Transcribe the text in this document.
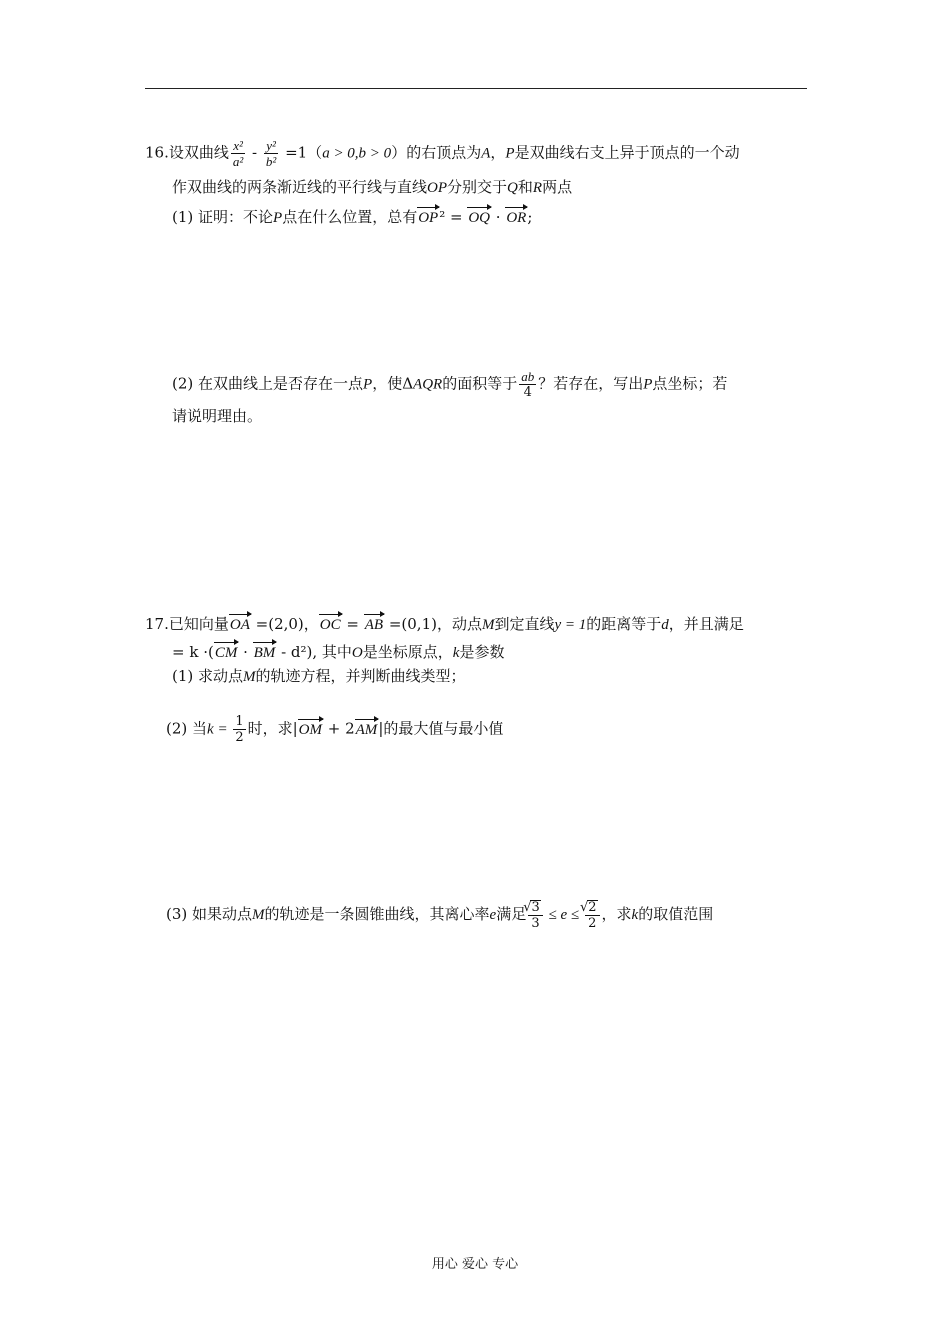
16.设双曲线 $\frac{\text{x²}}{\text{a²}} - \frac{\text{y²}}{\text{b²}} =1(a > 0,b > 0)$的右顶点为A，P是双曲线右支上异于顶点的一个动
作双曲线的两条渐近线的平行线与直线OP分别交于Q和R两点
(1) 证明：不论P点在什么位置，总有OP² = OQ · OR;
(2) 在双曲线上是否存在一点P，使ΔAQR的面积等于 $\frac{ab}{4}$ ？若存在，写出P点坐标；若
请说明理由。
17.已知向量OA =(2,0)，OC = AB =(0,1)，动点M到定直线y = 1的距离等于d，并且满足
= k ·(CM · BM - d²), 其中O是坐标原点，k是参数
(1) 求动点M的轨迹方程，并判断曲线类型；
(2) 当$k = \frac{1}{2}$ 时，求|OM + 2AM|的最大值与最小值
(3) 如果动点M的轨迹是一条圆锥曲线，其离心率e满足 √ $\frac{3}{3} \le e$ ≤ √ $\frac{2}{2}$ ，求k的取值范围
用心 爱心 专心
